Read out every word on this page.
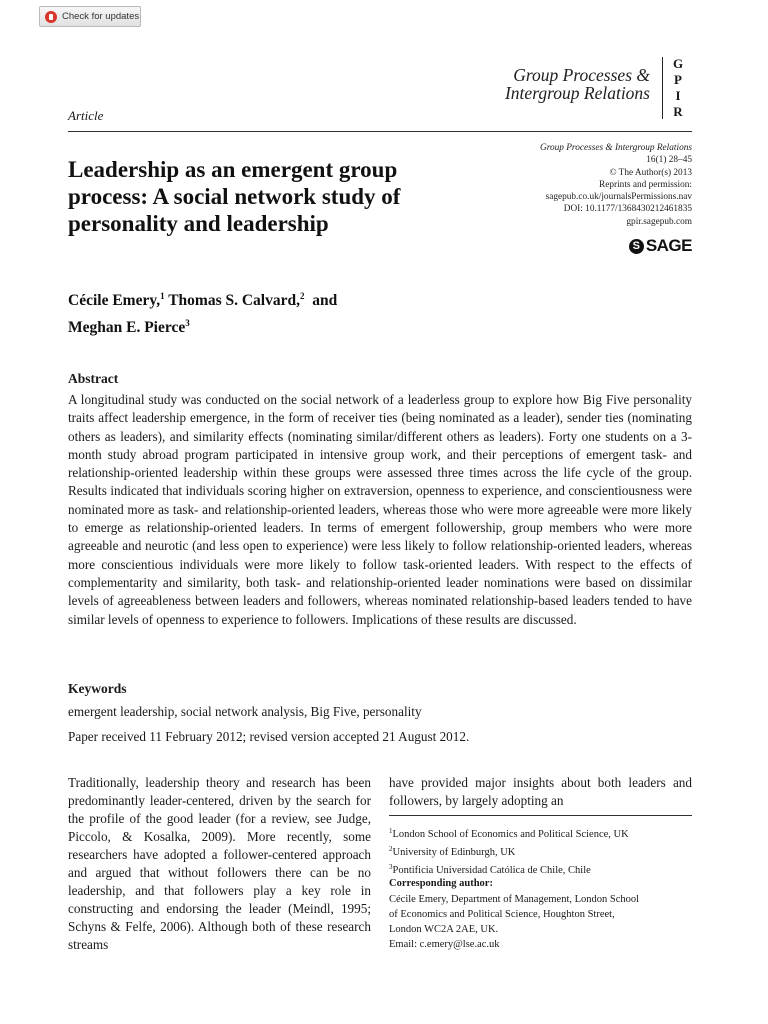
Check for updates
Group Processes &
Intergroup Relations
G
P
I
R
Article
Group Processes & Intergroup Relations
16(1) 28–45
© The Author(s) 2013
Reprints and permission:
sagepub.co.uk/journalsPermissions.nav
DOI: 10.1177/1368430212461835
gpir.sagepub.com
S SAGE
Leadership as an emergent group
process: A social network study of
personality and leadership
Cécile Emery,$^1$ Thomas S. Calvard,$^2$ and
Meghan E. Pierce$^3$
Abstract
A longitudinal study was conducted on the social network of a leaderless group to explore how Big Five personality traits affect leadership emergence, in the form of receiver ties (being nominated as a leader), sender ties (nominating others as leaders), and similarity effects (nominating similar/different others as leaders). Forty one students on a 3-month study abroad program participated in intensive group work, and their perceptions of emergent task- and relationship-oriented leadership within these groups were assessed three times across the life cycle of the group. Results indicated that individuals scoring higher on extraversion, openness to experience, and conscientiousness were nominated more as task- and relationship-oriented leaders, whereas those who were more agreeable were more likely to emerge as relationship-oriented leaders. In terms of emergent followership, group members who were more agreeable and neurotic (and less open to experience) were less likely to follow relationship-oriented leaders, whereas more conscientious individuals were more likely to follow task-oriented leaders. With respect to the effects of complementarity and similarity, both task- and relationship-oriented leader nominations were based on dissimilar levels of agreeableness between leaders and followers, whereas nominated relationship-based leaders tended to have similar levels of openness to experience to followers. Implications of these results are discussed.
Keywords
emergent leadership, social network analysis, Big Five, personality
Paper received 11 February 2012; revised version accepted 21 August 2012.
Traditionally, leadership theory and research has been predominantly leader-centered, driven by the search for the profile of the good leader (for a review, see Judge, Piccolo, & Kosalka, 2009). More recently, some researchers have adopted a follower-centered approach and argued that without followers there can be no leadership, and that followers play a key role in constructing and endorsing the leader (Meindl, 1995; Schyns & Felfe, 2006). Although both of these research streams
have provided major insights about both leaders and followers, by largely adopting an
$^1$London School of Economics and Political Science, UK
$^2$University of Edinburgh, UK
$^3$Pontificia Universidad Católica de Chile, Chile
Corresponding author:
Cécile Emery, Department of Management, London School
of Economics and Political Science, Houghton Street,
London WC2A 2AE, UK.
Email: c.emery@lse.ac.uk
